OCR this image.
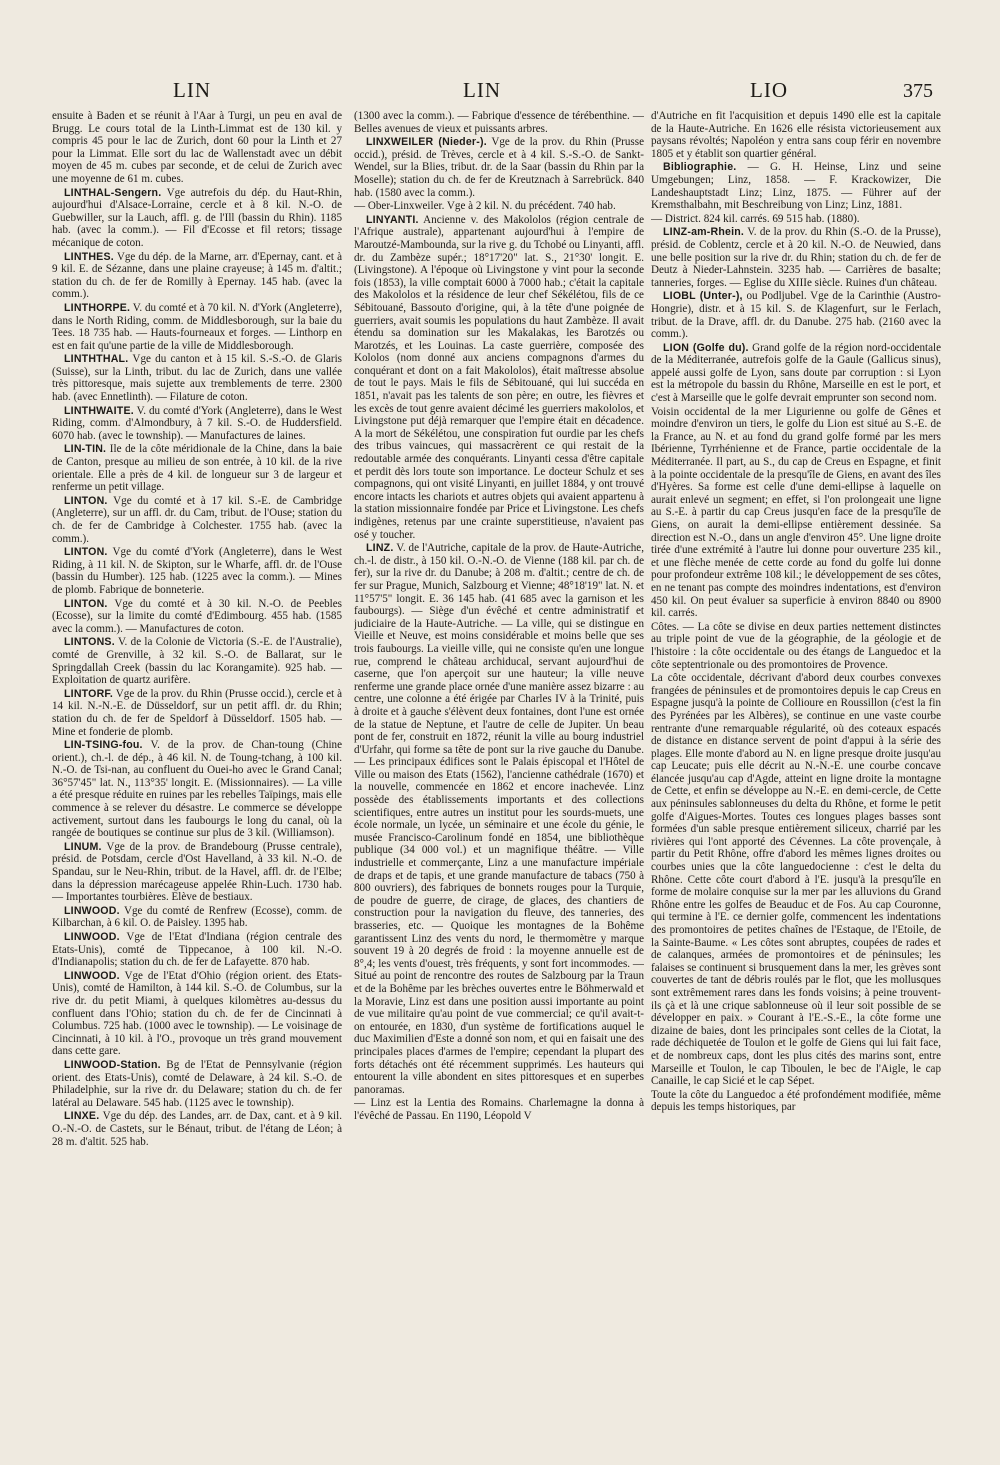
LIN	LIN	LIO	375

ensuite à Baden et se réunit à l'Aar à Turgi, un peu en aval de Brugg. Le cours total de la Linth-Limmat est de 130 kil. y compris 45 pour le lac de Zurich, dont 60 pour la Linth et 27 pour la Limmat. Elle sort du lac de Wallenstadt avec un débit moyen de 45 m. cubes par seconde, et de celui de Zurich avec une moyenne de 61 m. cubes.

LINTHAL-Sengern. Vge autrefois du dép. du Haut-Rhin, aujourd'hui d'Alsace-Lorraine, cercle et à 8 kil. N.-O. de Guebwiller, sur la Lauch, affl. g. de l'Ill (bassin du Rhin). 1185 hab. (avec la comm.). — Fil d'Ecosse et fil retors; tissage mécanique de coton.

LINTHES. Vge du dép. de la Marne, arr. d'Epernay, cant. et à 9 kil. E. de Sézanne, dans une plaine crayeuse; à 145 m. d'altit.; station du ch. de fer de Romilly à Epernay. 145 hab. (avec la comm.).

LINTHORPE. V. du comté et à 70 kil. N. d'York (Angleterre), dans le North Riding, comm. de Middlesborough, sur la baie du Tees. 18 735 hab. — Hauts-fourneaux et forges. — Linthorp en est en fait qu'une partie de la ville de Middlesborough.

LINTHTHAL. Vge du canton et à 15 kil. S.-S.-O. de Glaris (Suisse), sur la Linth, tribut. du lac de Zurich, dans une vallée très pittoresque, mais sujette aux tremblements de terre. 2300 hab. (avec Ennetlinth). — Filature de coton.

LINTHWAITE. V. du comté d'York (Angleterre), dans le West Riding, comm. d'Almondbury, à 7 kil. S.-O. de Huddersfield. 6070 hab. (avec le township). — Manufactures de laines.

LIN-TIN. Ile de la côte méridionale de la Chine, dans la baie de Canton, presque au milieu de son entrée, à 10 kil. de la rive orientale. Elle a près de 4 kil. de longueur sur 3 de largeur et renferme un petit village.

LINTON. Vge du comté et à 17 kil. S.-E. de Cambridge (Angleterre), sur un affl. dr. du Cam, tribut. de l'Ouse; station du ch. de fer de Cambridge à Colchester. 1755 hab. (avec la comm.).

LINTON. Vge du comté d'York (Angleterre), dans le West Riding, à 11 kil. N. de Skipton, sur le Wharfe, affl. dr. de l'Ouse (bassin du Humber). 125 hab. (1225 avec la comm.). — Mines de plomb. Fabrique de bonneterie.

LINTON. Vge du comté et à 30 kil. N.-O. de Peebles (Ecosse), sur la limite du comté d'Edimbourg. 455 hab. (1585 avec la comm.). — Manufactures de coton.

LINTONS. V. de la Colonie de Victoria (S.-E. de l'Australie), comté de Grenville, à 32 kil. S.-O. de Ballarat, sur le Springdallah Creek (bassin du lac Korangamite). 925 hab. — Exploitation de quartz aurifère.

LINTORF. Vge de la prov. du Rhin (Prusse occid.), cercle et à 14 kil. N.-N.-E. de Düsseldorf, sur un petit affl. dr. du Rhin; station du ch. de fer de Speldorf à Düsseldorf. 1505 hab. — Mine et fonderie de plomb.

LIN-TSING-fou. V. de la prov. de Chan-toung (Chine orient.), ch.-l. de dép., à 46 kil. N. de Toung-tchang, à 100 kil. N.-O. de Tsi-nan, au confluent du Ouei-ho avec le Grand Canal; 36°57'45" lat. N., 113°35' longit. E. (Missionnaires). — La ville a été presque réduite en ruines par les rebelles Taïpings, mais elle commence à se relever du désastre. Le commerce se développe activement, surtout dans les faubourgs le long du canal, où la rangée de boutiques se continue sur plus de 3 kil. (Williamson).

LINUM. Vge de la prov. de Brandebourg (Prusse centrale), présid. de Potsdam, cercle d'Ost Havelland, à 33 kil. N.-O. de Spandau, sur le Neu-Rhin, tribut. de la Havel, affl. dr. de l'Elbe; dans la dépression marécageuse appelée Rhin-Luch. 1730 hab. — Importantes tourbières. Elève de bestiaux.

LINWOOD. Vge du comté de Renfrew (Ecosse), comm. de Kilbarchan, à 6 kil. O. de Paisley. 1395 hab.

LINWOOD. Vge de l'Etat d'Indiana (région centrale des Etats-Unis), comté de Tippecanoe, à 100 kil. N.-O. d'Indianapolis; station du ch. de fer de Lafayette. 870 hab.

LINWOOD. Vge de l'Etat d'Ohio (région orient. des Etats-Unis), comté de Hamilton, à 144 kil. S.-O. de Columbus, sur la rive dr. du petit Miami, à quelques kilomètres au-dessus du confluent dans l'Ohio; station du ch. de fer de Cincinnati à Columbus. 725 hab. (1000 avec le township). — Le voisinage de Cincinnati, à 10 kil. à l'O., provoque un très grand mouvement dans cette gare.

LINWOOD-Station. Bg de l'Etat de Pennsylvanie (région orient. des Etats-Unis), comté de Delaware, à 24 kil. S.-O. de Philadelphie, sur la rive dr. du Delaware; station du ch. de fer latéral au Delaware. 545 hab. (1125 avec le township).

LINXE. Vge du dép. des Landes, arr. de Dax, cant. et à 9 kil. O.-N.-O. de Castets, sur le Bénaut, tribut. de l'étang de Léon; à 28 m. d'altit. 525 hab.

(1300 avec la comm.). — Fabrique d'essence de térébenthine. — Belles avenues de vieux et puissants arbres.

LINXWEILER (Nieder-). Vge de la prov. du Rhin (Prusse occid.), présid. de Trèves, cercle et à 4 kil. S.-S.-O. de Sankt-Wendel, sur la Blies, tribut. dr. de la Saar (bassin du Rhin par la Moselle); station du ch. de fer de Kreutznach à Sarrebrück. 840 hab. (1580 avec la comm.).

— Ober-Linxweiler. Vge à 2 kil. N. du précédent. 740 hab.

LINYANTI. Ancienne v. des Makololos (région centrale de l'Afrique australe), appartenant aujourd'hui à l'empire de Maroutzé-Mambounda, sur la rive g. du Tchobé ou Linyanti, affl. dr. du Zambèze supér.; 18°17'20" lat. S., 21°30' longit. E. (Livingstone). A l'époque où Livingstone y vint pour la seconde fois (1853), la ville comptait 6000 à 7000 hab.; c'était la capitale des Makololos et la résidence de leur chef Sékélétou, fils de ce Sébitouané, Bassouto d'origine, qui, à la tête d'une poignée de guerriers, avait soumis les populations du haut Zambèze. Il avait étendu sa domination sur les Makalakas, les Barotzés ou Marotzés, et les Louinas. La caste guerrière, composée des Kololos (nom donné aux anciens compagnons d'armes du conquérant et dont on a fait Makololos), était maîtresse absolue de tout le pays. Mais le fils de Sébitouané, qui lui succéda en 1851, n'avait pas les talents de son père; en outre, les fièvres et les excès de tout genre avaient décimé les guerriers makololos, et Livingstone put déjà remarquer que l'empire était en décadence. A la mort de Sékélétou, une conspiration fut ourdie par les chefs des tribus vaincues, qui massacrèrent ce qui restait de la redoutable armée des conquérants. Linyanti cessa d'être capitale et perdit dès lors toute son importance. Le docteur Schulz et ses compagnons, qui ont visité Linyanti, en juillet 1884, y ont trouvé encore intacts les chariots et autres objets qui avaient appartenu à la station missionnaire fondée par Price et Livingstone. Les chefs indigènes, retenus par une crainte superstitieuse, n'avaient pas osé y toucher.

LINZ. V. de l'Autriche, capitale de la prov. de Haute-Autriche, ch.-l. de distr., à 150 kil. O.-N.-O. de Vienne (188 kil. par ch. de fer), sur la rive dr. du Danube; à 208 m. d'altit.; centre de ch. de fer sur Prague, Munich, Salzbourg et Vienne; 48°18'19" lat. N. et 11°57'5" longit. E. 36 145 hab. (41 685 avec la garnison et les faubourgs). — Siège d'un évêché et centre administratif et judiciaire de la Haute-Autriche. — La ville, qui se distingue en Vieille et Neuve, est moins considérable et moins belle que ses trois faubourgs. La vieille ville, qui ne consiste qu'en une longue rue, comprend le château archiducal, servant aujourd'hui de caserne, que l'on aperçoit sur une hauteur; la ville neuve renferme une grande place ornée d'une manière assez bizarre : au centre, une colonne a été érigée par Charles IV à la Trinité, puis à droite et à gauche s'élèvent deux fontaines, dont l'une est ornée de la statue de Neptune, et l'autre de celle de Jupiter. Un beau pont de fer, construit en 1872, réunit la ville au bourg industriel d'Urfahr, qui forme sa tête de pont sur la rive gauche du Danube. — Les principaux édifices sont le Palais épiscopal et l'Hôtel de Ville ou maison des Etats (1562), l'ancienne cathédrale (1670) et la nouvelle, commencée en 1862 et encore inachevée. Linz possède des établissements importants et des collections scientifiques, entre autres un institut pour les sourds-muets, une école normale, un lycée, un séminaire et une école du génie, le musée Francisco-Carolinum fondé en 1854, une bibliothèque publique (34 000 vol.) et un magnifique théâtre. — Ville industrielle et commerçante, Linz a une manufacture impériale de draps et de tapis, et une grande manufacture de tabacs (750 à 800 ouvriers), des fabriques de bonnets rouges pour la Turquie, de poudre de guerre, de cirage, de glaces, des chantiers de construction pour la navigation du fleuve, des tanneries, des brasseries, etc. — Quoique les montagnes de la Bohême garantissent Linz des vents du nord, le thermomètre y marque souvent 19 à 20 degrés de froid : la moyenne annuelle est de 8°,4; les vents d'ouest, très fréquents, y sont fort incommodes. — Situé au point de rencontre des routes de Salzbourg par la Traun et de la Bohême par les brèches ouvertes entre le Böhmerwald et la Moravie, Linz est dans une position aussi importante au point de vue militaire qu'au point de vue commercial; ce qu'il avait-t-on entourée, en 1830, d'un système de fortifications auquel le duc Maximilien d'Este a donné son nom, et qui en faisait une des principales places d'armes de l'empire; cependant la plupart des forts détachés ont été récemment supprimés. Les hauteurs qui entourent la ville abondent en sites pittoresques et en superbes panoramas.

— Linz est la Lentia des Romains. Charlemagne la donna à l'évêché de Passau. En 1190, Léopold V

d'Autriche en fit l'acquisition et depuis 1490 elle est la capitale de la Haute-Autriche. En 1626 elle résista victorieusement aux paysans révoltés; Napoléon y entra sans coup férir en novembre 1805 et y établit son quartier général.

Bibliographie. — G. H. Heinse, Linz und seine Umgebungen; Linz, 1858. — F. Krackowizer, Die Landeshauptstadt Linz; Linz, 1875. — Führer auf der Kremsthalbahn, mit Beschreibung von Linz; Linz, 1881.

— District. 824 kil. carrés. 69 515 hab. (1880).

LINZ-am-Rhein. V. de la prov. du Rhin (S.-O. de la Prusse), présid. de Coblentz, cercle et à 20 kil. N.-O. de Neuwied, dans une belle position sur la rive dr. du Rhin; station du ch. de fer de Deutz à Nieder-Lahnstein. 3235 hab. — Carrières de basalte; tanneries, forges. — Eglise du XIIIe siècle. Ruines d'un château.

LIOBL (Unter-), ou Podljubel. Vge de la Carinthie (Austro-Hongrie), distr. et à 15 kil. S. de Klagenfurt, sur le Ferlach, tribut. de la Drave, affl. dr. du Danube. 275 hab. (2160 avec la comm.).

LION (Golfe du). Grand golfe de la région nord-occidentale de la Méditerranée, autrefois golfe de la Gaule (Gallicus sinus), appelé aussi golfe de Lyon, sans doute par corruption : si Lyon est la métropole du bassin du Rhône, Marseille en est le port, et c'est à Marseille que le golfe devrait emprunter son second nom.

Voisin occidental de la mer Ligurienne ou golfe de Gênes et moindre d'environ un tiers, le golfe du Lion est situé au S.-E. de la France, au N. et au fond du grand golfe formé par les mers Ibérienne, Tyrrhénienne et de France, partie occidentale de la Méditerranée. Il part, au S., du cap de Creus en Espagne, et finit à la pointe occidentale de la presqu'île de Giens, en avant des îles d'Hyères. Sa forme est celle d'une demi-ellipse à laquelle on aurait enlevé un segment; en effet, si l'on prolongeait une ligne au S.-E. à partir du cap Creus jusqu'en face de la presqu'île de Giens, on aurait la demi-ellipse entièrement dessinée. Sa direction est N.-O., dans un angle d'environ 45°. Une ligne droite tirée d'une extrémité à l'autre lui donne pour ouverture 235 kil., et une flèche menée de cette corde au fond du golfe lui donne pour profondeur extrême 108 kil.; le développement de ses côtes, en ne tenant pas compte des moindres indentations, est d'environ 450 kil. On peut évaluer sa superficie à environ 8840 ou 8900 kil. carrés.

Côtes. — La côte se divise en deux parties nettement distinctes au triple point de vue de la géographie, de la géologie et de l'histoire : la côte occidentale ou des étangs de Languedoc et la côte septentrionale ou des promontoires de Provence.

La côte occidentale, décrivant d'abord deux courbes convexes frangées de péninsules et de promontoires depuis le cap Creus en Espagne jusqu'à la pointe de Collioure en Roussillon (c'est la fin des Pyrénées par les Albères), se continue en une vaste courbe rentrante d'une remarquable régularité, où des coteaux espacés de distance en distance servent de point d'appui à la série des plages. Elle monte d'abord au N. en ligne presque droite jusqu'au cap Leucate; puis elle décrit au N.-N.-E. une courbe concave élancée jusqu'au cap d'Agde, atteint en ligne droite la montagne de Cette, et enfin se développe au N.-E. en demi-cercle, de Cette aux péninsules sablonneuses du delta du Rhône, et forme le petit golfe d'Aigues-Mortes. Toutes ces longues plages basses sont formées d'un sable presque entièrement siliceux, charrié par les rivières qui l'ont apporté des Cévennes. La côte provençale, à partir du Petit Rhône, offre d'abord les mêmes lignes droites ou courbes unies que la côte languedocienne : c'est le delta du Rhône. Cette côte court d'abord à l'E. jusqu'à la presqu'île en forme de molaire conquise sur la mer par les alluvions du Grand Rhône entre les golfes de Beauduc et de Fos. Au cap Couronne, qui termine à l'E. ce dernier golfe, commencent les indentations des promontoires de petites chaînes de l'Estaque, de l'Etoile, de la Sainte-Baume. « Les côtes sont abruptes, coupées de rades et de calanques, armées de promontoires et de péninsules; les falaises se continuent si brusquement dans la mer, les grèves sont couvertes de tant de débris roulés par le flot, que les mollusques sont extrêmement rares dans les fonds voisins; à peine trouvent-ils çà et là une crique sablonneuse où il leur soit possible de se développer en paix. » Courant à l'E.-S.-E., la côte forme une dizaine de baies, dont les principales sont celles de la Ciotat, la rade déchiquetée de Toulon et le golfe de Giens qui lui fait face, et de nombreux caps, dont les plus cités des marins sont, entre Marseille et Toulon, le cap Tiboulen, le bec de l'Aigle, le cap Canaille, le cap Sicié et le cap Sépet.

Toute la côte du Languedoc a été profondément modifiée, même depuis les temps historiques, par
